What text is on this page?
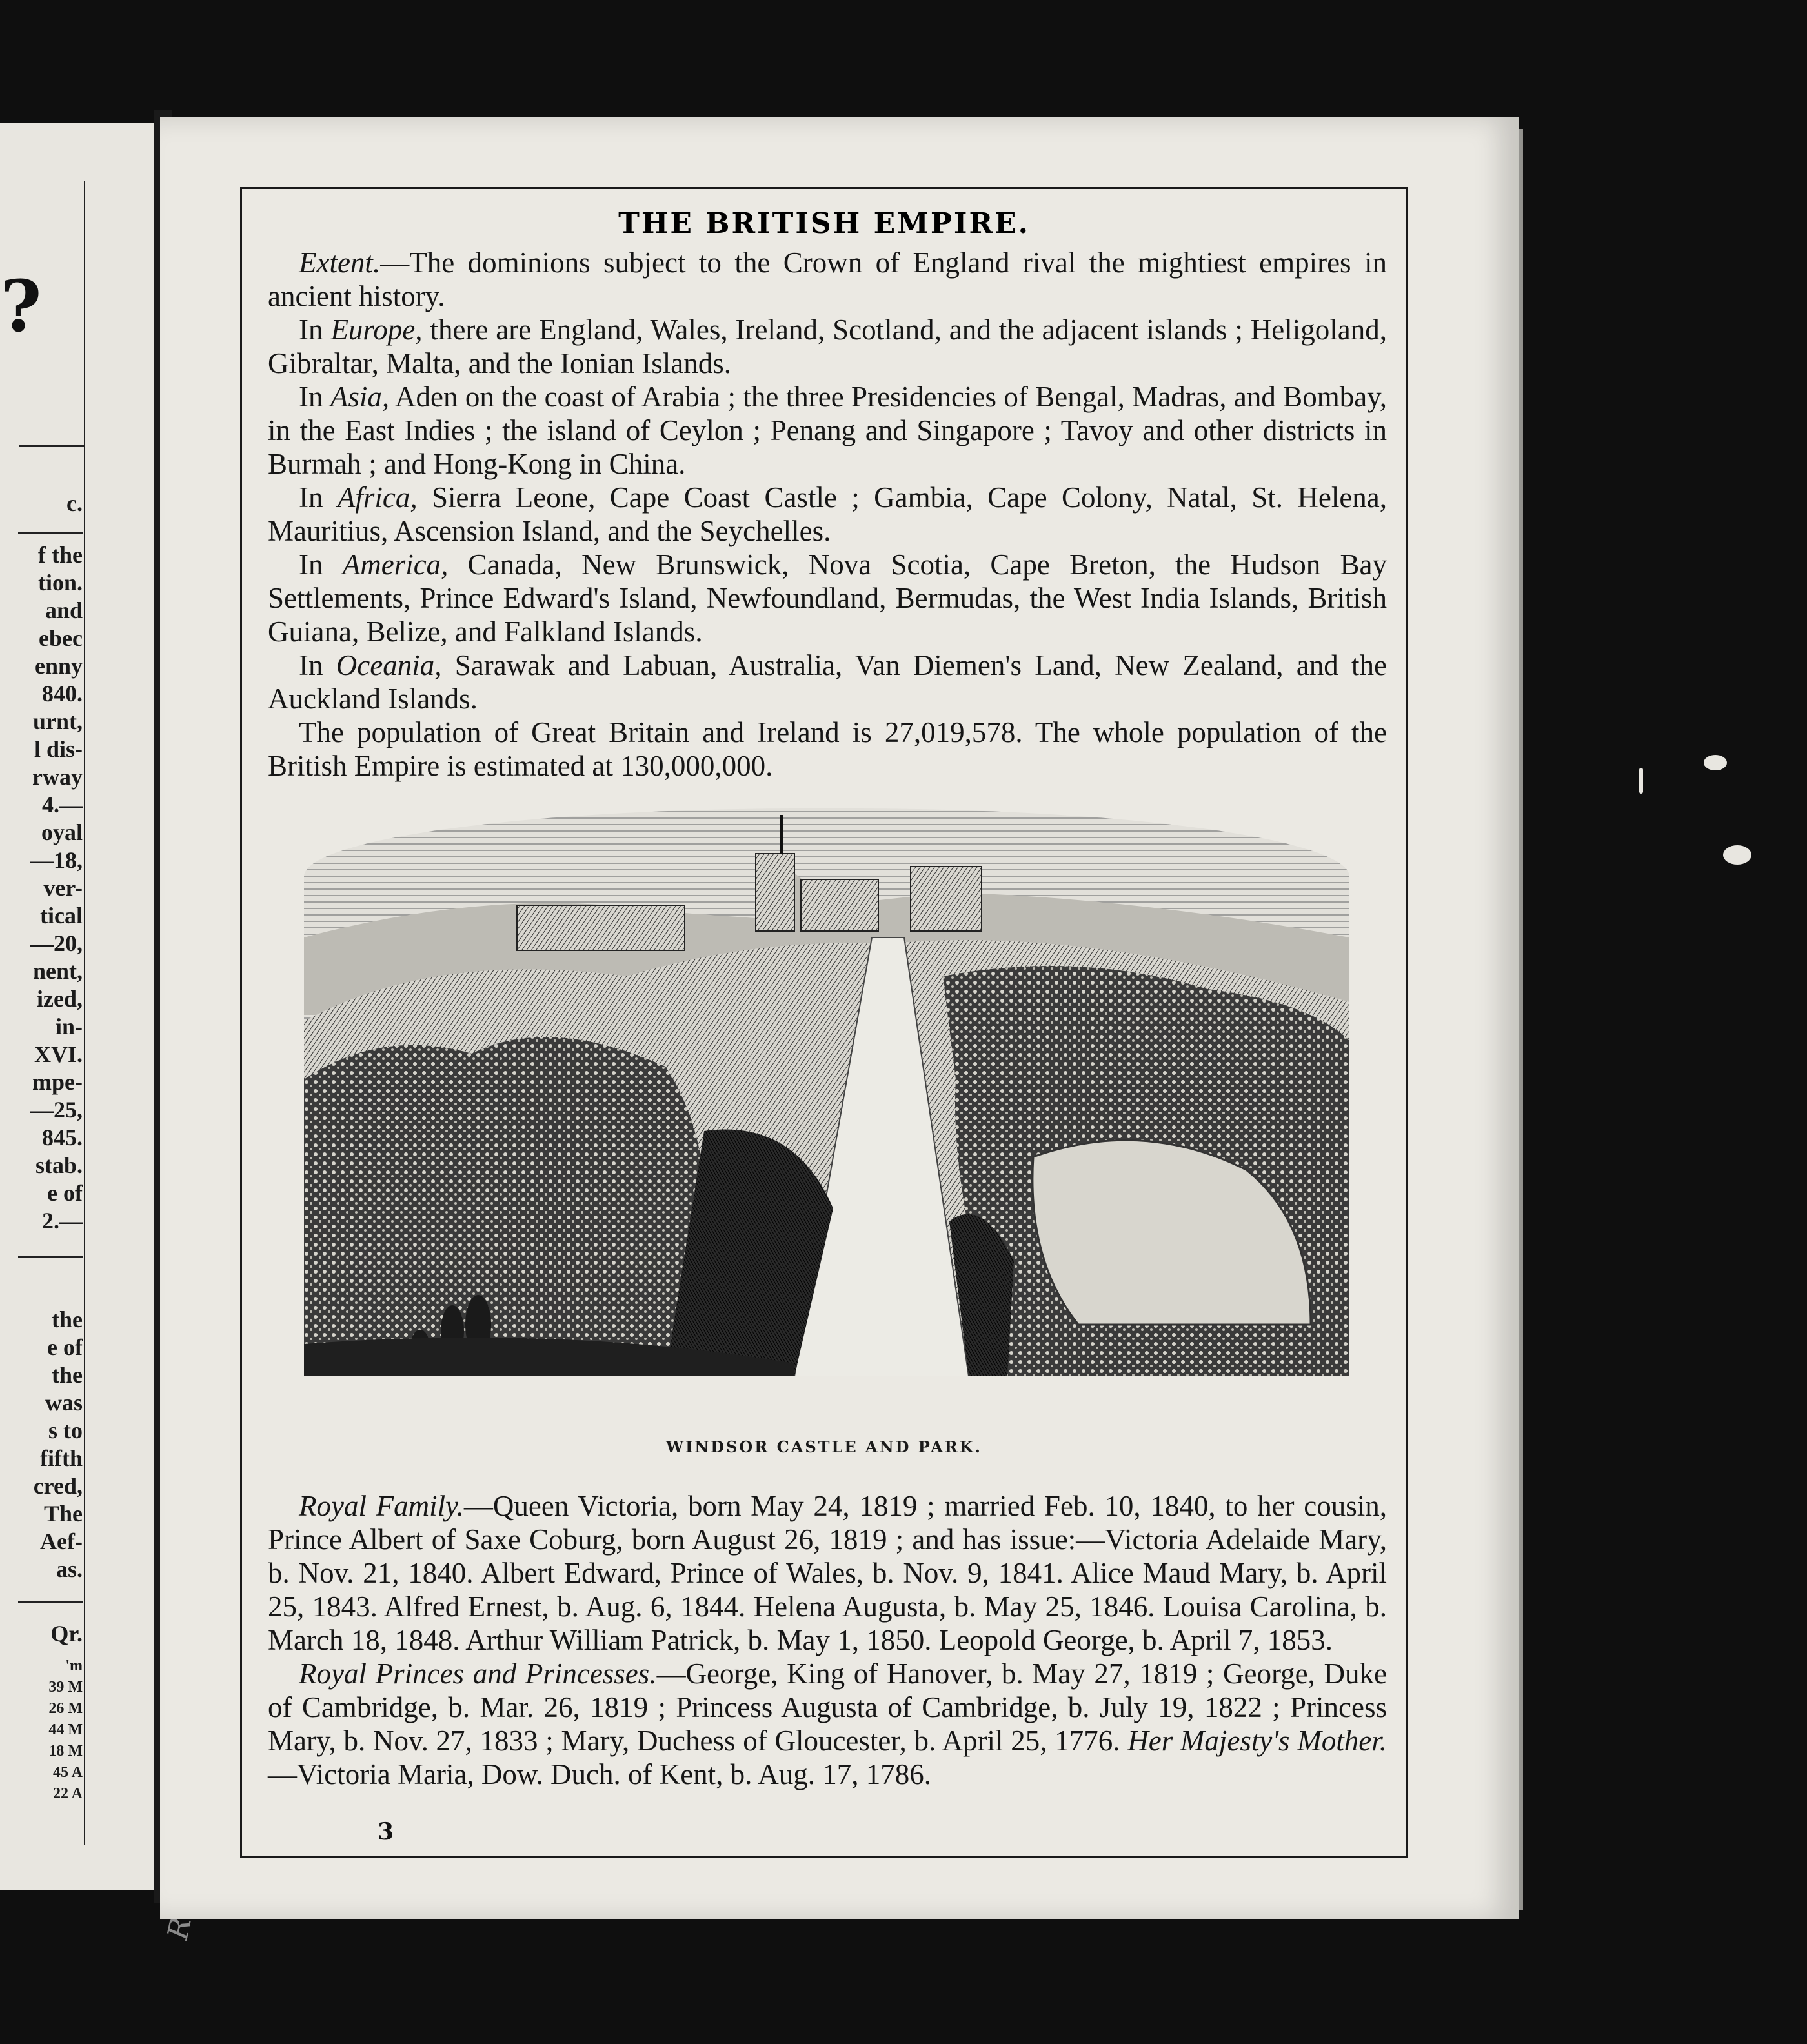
?
c.
f the
tion.
and
ebec
enny
840.
urnt,
l dis-
rway
4.—
oyal
—18,
ver-
tical
—20,
nent,
ized,
in-
XVI.
mpe-
—25,
845.
stab.
e of
2.—
the
e of
the
was
s to
fifth
cred,
The
Aef-
as.
Qr.
'm
39 M
26 M
44 M
18 M
45 A
22 A
THE BRITISH EMPIRE.

Extent.—The dominions subject to the Crown of England rival the mightiest empires in ancient history.

In Europe, there are England, Wales, Ireland, Scotland, and the adjacent islands ; Heligoland, Gibraltar, Malta, and the Ionian Islands.

In Asia, Aden on the coast of Arabia ; the three Presidencies of Bengal, Madras, and Bombay, in the East Indies ; the island of Ceylon ; Penang and Singapore ; Tavoy and other districts in Burmah ; and Hong-Kong in China.

In Africa, Sierra Leone, Cape Coast Castle ; Gambia, Cape Colony, Natal, St. Helena, Mauritius, Ascension Island, and the Seychelles.

In America, Canada, New Brunswick, Nova Scotia, Cape Breton, the Hudson Bay Settlements, Prince Edward's Island, Newfoundland, Bermudas, the West India Islands, British Guiana, Belize, and Falkland Islands.

In Oceania, Sarawak and Labuan, Australia, Van Diemen's Land, New Zealand, and the Auckland Islands.

The population of Great Britain and Ireland is 27,019,578. The whole population of the British Empire is estimated at 130,000,000.

WINDSOR CASTLE AND PARK.

Royal Family.—Queen Victoria, born May 24, 1819 ; married Feb. 10, 1840, to her cousin, Prince Albert of Saxe Coburg, born August 26, 1819 ; and has issue:—Victoria Adelaide Mary, b. Nov. 21, 1840. Albert Edward, Prince of Wales, b. Nov. 9, 1841. Alice Maud Mary, b. April 25, 1843. Alfred Ernest, b. Aug. 6, 1844. Helena Augusta, b. May 25, 1846. Louisa Carolina, b. March 18, 1848. Arthur William Patrick, b. May 1, 1850. Leopold George, b. April 7, 1853.

Royal Princes and Princesses.—George, King of Hanover, b. May 27, 1819 ; George, Duke of Cambridge, b. Mar. 26, 1819 ; Princess Augusta of Cambridge, b. July 19, 1822 ; Princess Mary, b. Nov. 27, 1833 ; Mary, Duchess of Gloucester, b. April 25, 1776. Her Majesty's Mother.—Victoria Maria, Dow. Duch. of Kent, b. Aug. 17, 1786.

3
